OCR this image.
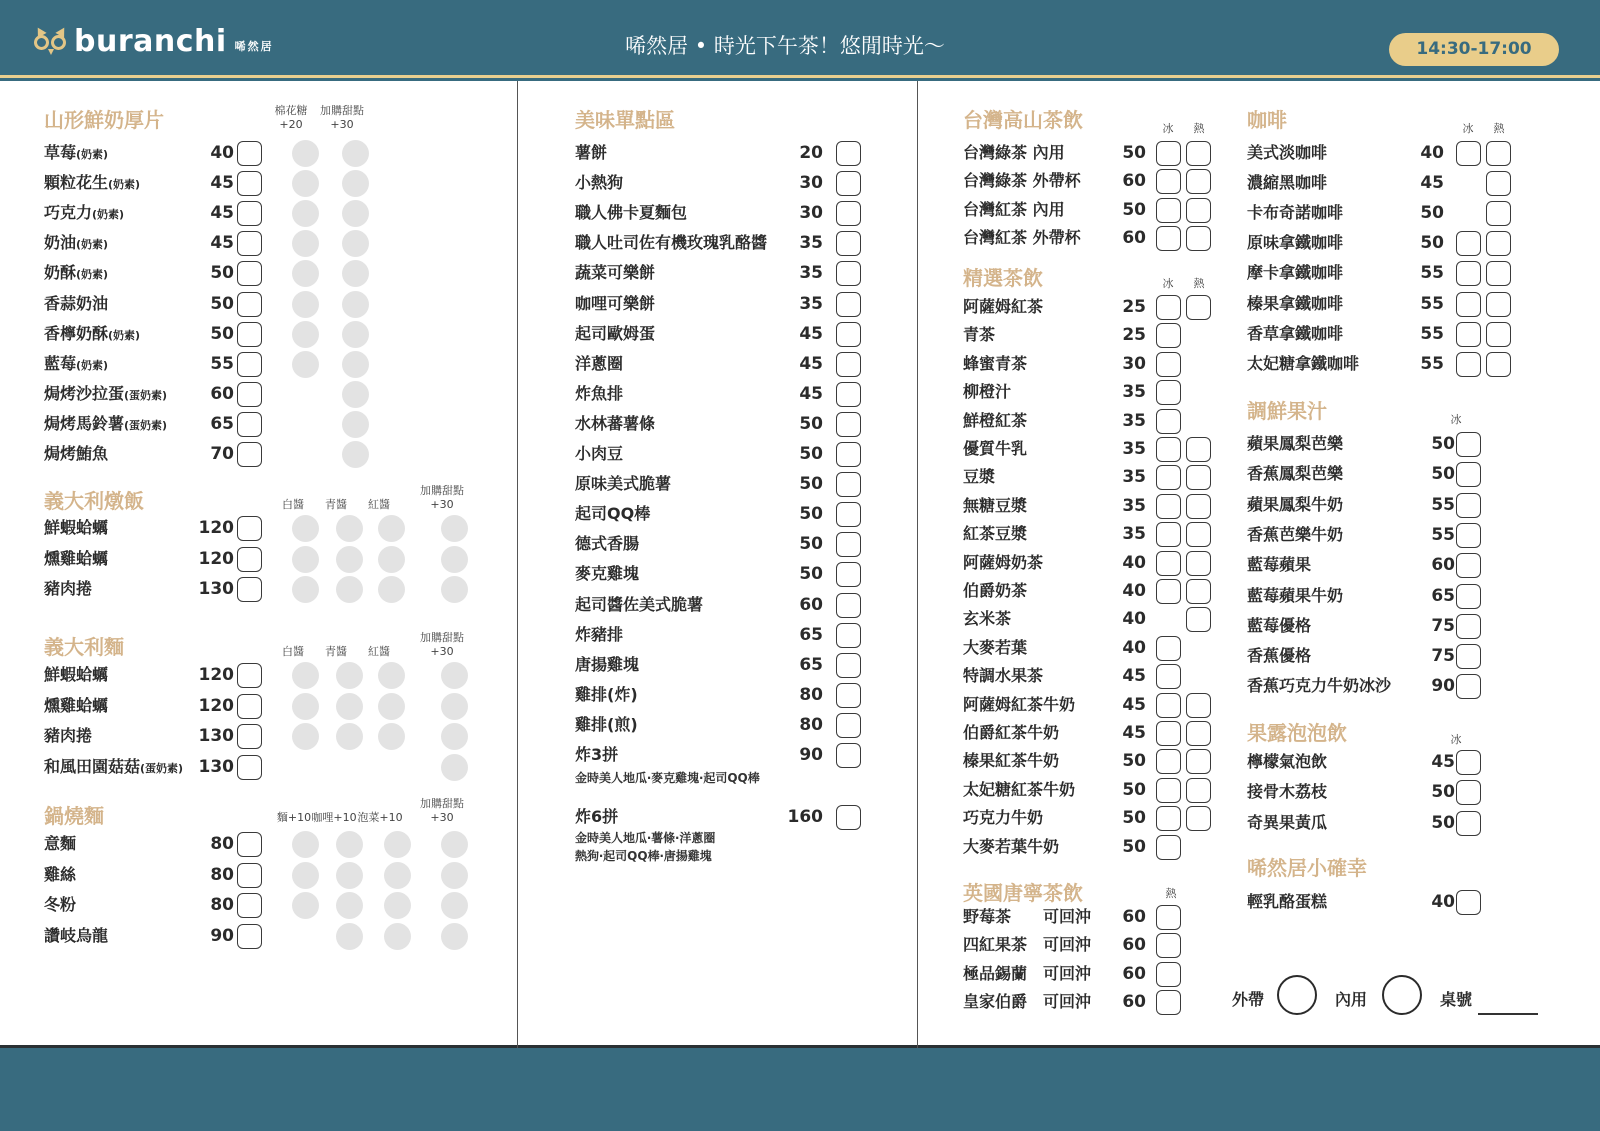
buranchi 唏然居	唏然居 • 時光下午茶！悠閒時光～	14:30-17:00
山形鮮奶厚片	棉花糖
+20
加購甜點
+30
草莓(奶素)	40
顆粒花生(奶素)	45
巧克力(奶素)	45
奶油(奶素)	45
奶酥(奶素)	50
香蒜奶油	50
香檸奶酥(奶素)	50
藍莓(奶素)	55
焗烤沙拉蛋(蛋奶素)	60
焗烤馬鈴薯(蛋奶素)	65
焗烤鮪魚	70
義大利燉飯	白醬	青醬	紅醬
加購甜點
+30
鮮蝦蛤蠣	120
燻雞蛤蠣	120
豬肉捲	130
義大利麵	白醬	青醬	紅醬
加購甜點
+30
鮮蝦蛤蠣	120
燻雞蛤蠣	120
豬肉捲	130
和風田園菇菇(蛋奶素) 130
鍋燒麵	麵+10 咖哩+10 泡菜+10
加購甜點
+30
意麵	80
雞絲	80
冬粉	80
讚岐烏龍	90
美味單點區
薯餅	20
小熱狗	30
職人佛卡夏麵包	30
職人吐司佐有機玫瑰乳酪醬 35
蔬菜可樂餅	35
咖哩可樂餅	35
起司歐姆蛋	45
洋蔥圈	45
炸魚排	45
水林蕃薯條	50
小肉豆	50
原味美式脆薯	50
起司QQ棒	50
德式香腸	50
麥克雞塊	50
起司醬佐美式脆薯	60
炸豬排	65
唐揚雞塊	65
雞排(炸)	80
雞排(煎)	80
炸3拼	90
金時美人地瓜‧麥克雞塊‧起司QQ棒
炸6拼	160
金時美人地瓜‧薯條‧洋蔥圈
熱狗‧起司QQ棒‧唐揚雞塊
台灣高山茶飲	冰	熱
台灣綠茶 內用	50
台灣綠茶 外帶杯 60
台灣紅茶 內用	50
台灣紅茶 外帶杯 60
精選茶飲	冰	熱
阿薩姆紅茶	25
青茶	25
蜂蜜青茶	30
柳橙汁	35
鮮橙紅茶	35
優質牛乳	35
豆漿	35
無糖豆漿	35
紅茶豆漿	35
阿薩姆奶茶	40
伯爵奶茶	40
玄米茶	40
大麥若葉	40
特調水果茶	45
阿薩姆紅茶牛奶	45
伯爵紅茶牛奶	45
榛果紅茶牛奶	50
太妃糖紅茶牛奶	50
巧克力牛奶	50
大麥若葉牛奶	50
英國唐寧茶飲	熱
野莓茶 可回沖 60
四紅果茶 可回沖 60
極品錫蘭 可回沖 60
皇家伯爵 可回沖 60
咖啡	冰	熱
美式淡咖啡	40
濃縮黑咖啡	45
卡布奇諾咖啡	50
原味拿鐵咖啡	50
摩卡拿鐵咖啡	55
榛果拿鐵咖啡	55
香草拿鐵咖啡	55
太妃糖拿鐵咖啡	55
調鮮果汁	冰
蘋果鳳梨芭樂	50
香蕉鳳梨芭樂	50
蘋果鳳梨牛奶	55
香蕉芭樂牛奶	55
藍莓蘋果	60
藍莓蘋果牛奶	65
藍莓優格	75
香蕉優格	75
香蕉巧克力牛奶冰沙 90
果露泡泡飲	冰
檸檬氣泡飲	45
接骨木荔枝	50
奇異果黃瓜	50
唏然居小確幸
輕乳酪蛋糕	40
外帶	內用	桌號
